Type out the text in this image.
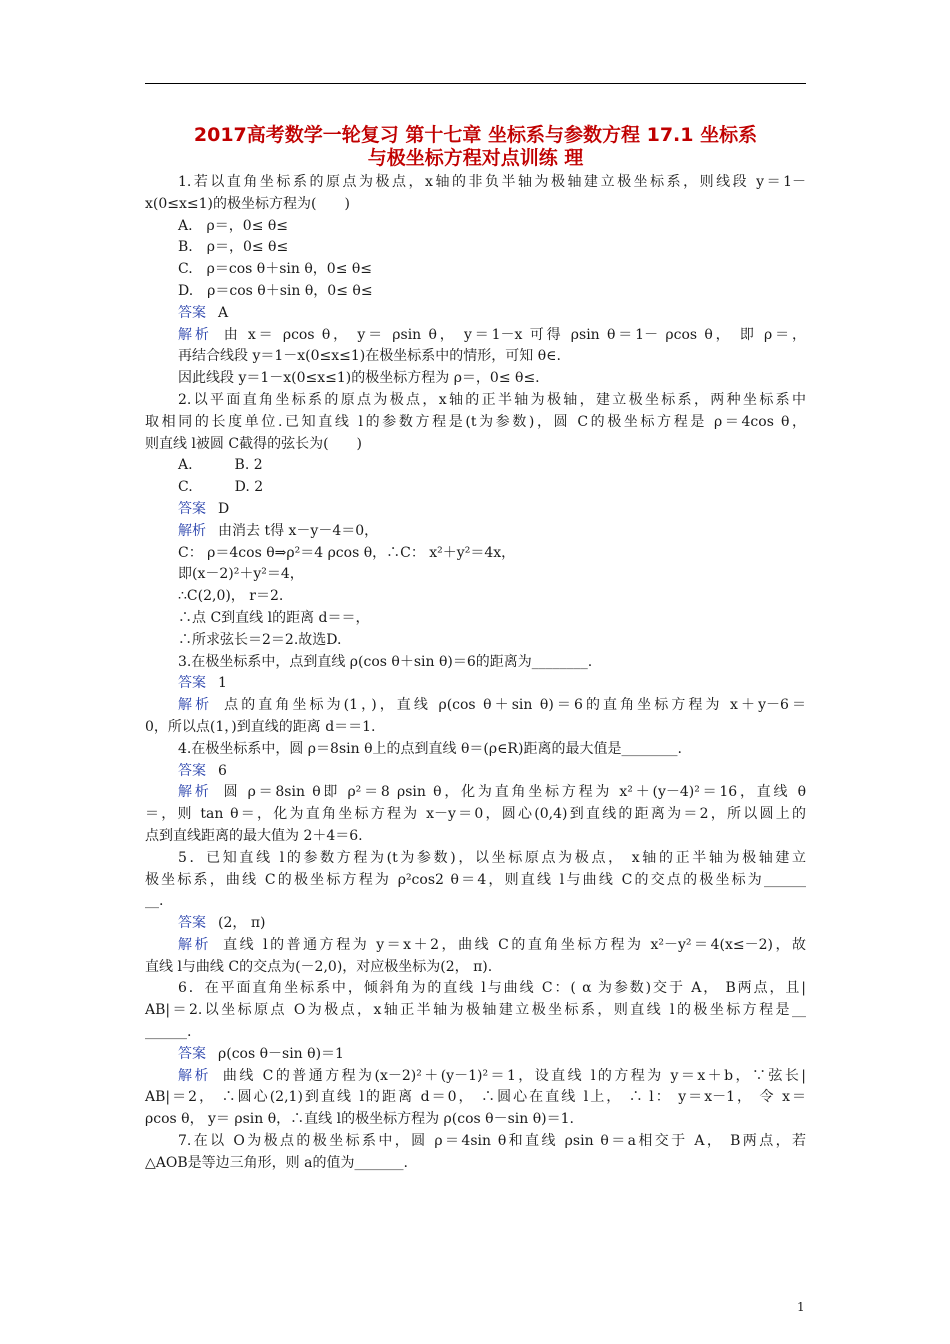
2017高考数学一轮复习 第十七章 坐标系与参数方程 17.1 坐标系
与极坐标方程对点训练 理
1.若以直角坐标系的原点为极点，x轴的非负半轴为极轴建立极坐标系，则线段 y＝1－
x(0≤x≤1)的极坐标方程为(　　)
A.　ρ＝，0≤ θ≤
B.　ρ＝，0≤ θ≤
C.　ρ＝cos θ＋sin θ，0≤ θ≤
D.　ρ＝cos θ＋sin θ，0≤ θ≤
答案 A
解析 由 x＝ ρcos θ， y＝ ρsin θ， y＝1－x 可得 ρsin θ＝1－ ρcos θ， 即 ρ＝，
再结合线段 y＝1－x(0≤x≤1)在极坐标系中的情形，可知 θ∈.
因此线段 y＝1－x(0≤x≤1)的极坐标方程为 ρ＝，0≤ θ≤.
2.以平面直角坐标系的原点为极点，x轴的正半轴为极轴，建立极坐标系，两种坐标系中
取相同的长度单位.已知直线 l的参数方程是(t为参数)，圆 C的极坐标方程是 ρ＝4cos θ，
则直线 l被圆 C截得的弦长为(　　)
A.　　　B. 2
C.　　　D. 2
答案 D
解析 由消去 t得 x－y－4＝0，
C： ρ＝4cos θ⇒ρ²＝4 ρcos θ，∴C： x²＋y²＝4x，
即(x－2)²＋y²＝4，
∴C(2,0)， r＝2.
∴点 C到直线 l的距离 d＝＝，
∴所求弦长＝2＝2.故选D.
3.在极坐标系中，点到直线 ρ(cos θ＋sin θ)＝6的距离为________.
答案 1
解析 点的直角坐标为(1，)，直线 ρ(cos θ＋sin θ)＝6的直角坐标方程为 x＋y－6＝
0，所以点(1，)到直线的距离 d＝＝1.
4.在极坐标系中，圆 ρ＝8sin θ上的点到直线 θ＝(ρ∈R)距离的最大值是________.
答案 6
解析 圆 ρ＝8sin θ即 ρ²＝8 ρsin θ，化为直角坐标方程为 x²＋(y－4)²＝16，直线 θ
＝，则 tan θ＝，化为直角坐标方程为 x－y＝0，圆心(0,4)到直线的距离为＝2，所以圆上的
点到直线距离的最大值为 2＋4＝6.
5．已知直线 l的参数方程为(t为参数)，以坐标原点为极点， x轴的正半轴为极轴建立
极坐标系，曲线 C的极坐标方程为 ρ²cos2 θ＝4，则直线 l与曲线 C的交点的极坐标为______
__.
答案 (2， π)
解析 直线 l的普通方程为 y＝x＋2，曲线 C的直角坐标方程为 x²－y²＝4(x≤－2)，故
直线 l与曲线 C的交点为(－2,0)，对应极坐标为(2， π).
6．在平面直角坐标系中，倾斜角为的直线 l与曲线 C：( α 为参数)交于 A， B两点，且|
AB|＝2.以坐标原点 O为极点，x轴正半轴为极轴建立极坐标系，则直线 l的极坐标方程是__
______.
答案 ρ(cos θ－sin θ)＝1
解析 曲线 C的普通方程为(x－2)²＋(y－1)²＝1，设直线 l的方程为 y＝x＋b，∵弦长|
AB|＝2， ∴圆心(2,1)到直线 l的距离 d＝0， ∴圆心在直线 l上， ∴ l： y＝x－1， 令 x＝
ρcos θ， y＝ ρsin θ，∴直线 l的极坐标方程为 ρ(cos θ－sin θ)＝1.
7.在以 O为极点的极坐标系中，圆 ρ＝4sin θ和直线 ρsin θ＝a相交于 A， B两点，若
△AOB是等边三角形，则 a的值为_______.
1
